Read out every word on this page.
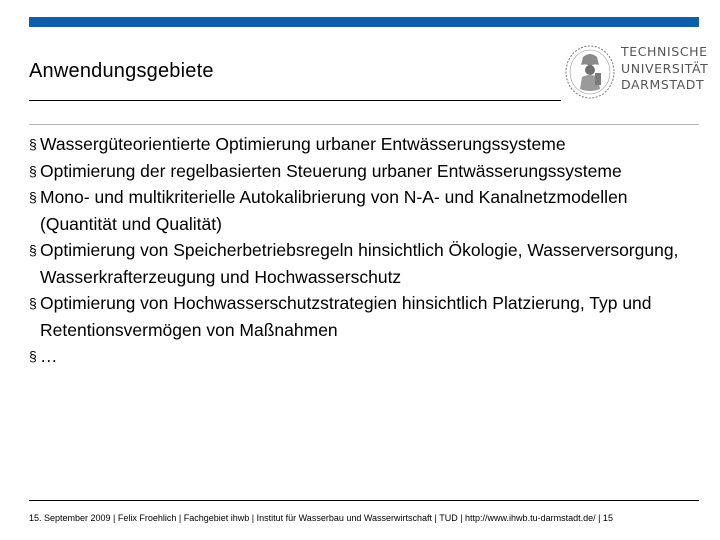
Anwendungsgebiete
TECHNISCHE
UNIVERSITÄT
DARMSTADT
§ Wassergüteorientierte Optimierung urbaner Entwässerungssysteme
§ Optimierung der regelbasierten Steuerung urbaner Entwässerungssysteme
§ Mono- und multikriterielle Autokalibrierung von N-A- und Kanalnetzmodellen (Quantität und Qualität)
§ Optimierung von Speicherbetriebsregeln hinsichtlich Ökologie, Wasserversorgung, Wasserkrafterzeugung und Hochwasserschutz
§ Optimierung von Hochwasserschutzstrategien hinsichtlich Platzierung, Typ und Retentionsvermögen von Maßnahmen
§ …
15. September 2009 | Felix Froehlich | Fachgebiet ihwb | Institut für Wasserbau und Wasserwirtschaft | TUD | http://www.ihwb.tu-darmstadt.de/ | 15
